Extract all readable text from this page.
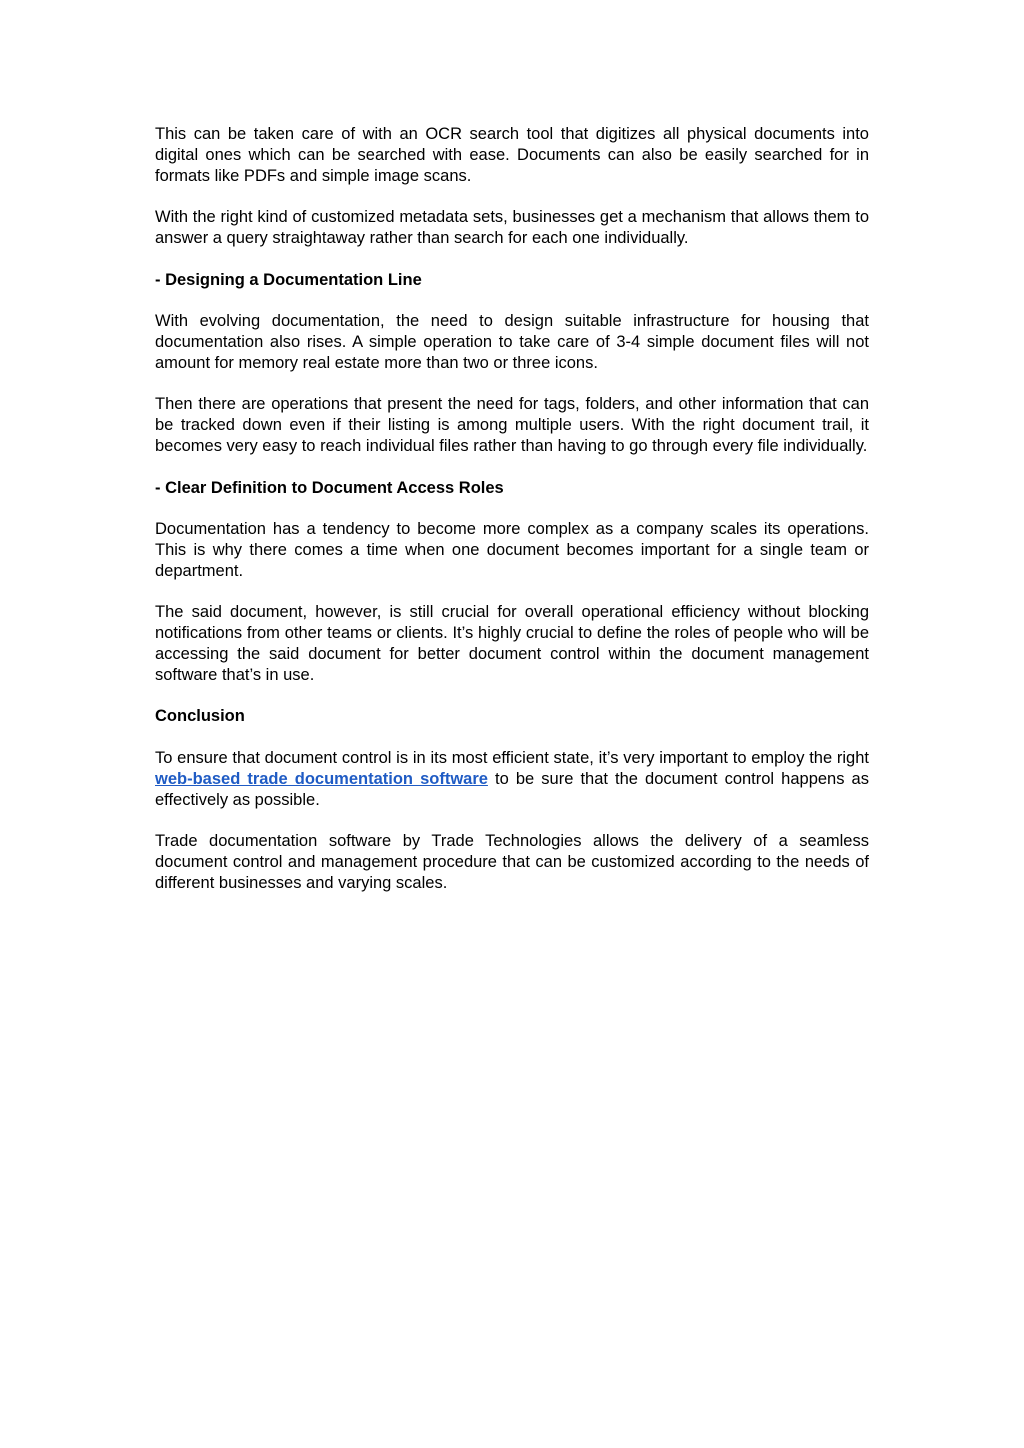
This can be taken care of with an OCR search tool that digitizes all physical documents into digital ones which can be searched with ease. Documents can also be easily searched for in formats like PDFs and simple image scans.

With the right kind of customized metadata sets, businesses get a mechanism that allows them to answer a query straightaway rather than search for each one individually.

- Designing a Documentation Line

With evolving documentation, the need to design suitable infrastructure for housing that documentation also rises. A simple operation to take care of 3-4 simple document files will not amount for memory real estate more than two or three icons.

Then there are operations that present the need for tags, folders, and other information that can be tracked down even if their listing is among multiple users. With the right document trail, it becomes very easy to reach individual files rather than having to go through every file individually.

- Clear Definition to Document Access Roles

Documentation has a tendency to become more complex as a company scales its operations. This is why there comes a time when one document becomes important for a single team or department.

The said document, however, is still crucial for overall operational efficiency without blocking notifications from other teams or clients. It’s highly crucial to define the roles of people who will be accessing the said document for better document control within the document management software that’s in use.

Conclusion

To ensure that document control is in its most efficient state, it’s very important to employ the right web-based trade documentation software to be sure that the document control happens as effectively as possible.

Trade documentation software by Trade Technologies allows the delivery of a seamless document control and management procedure that can be customized according to the needs of different businesses and varying scales.
